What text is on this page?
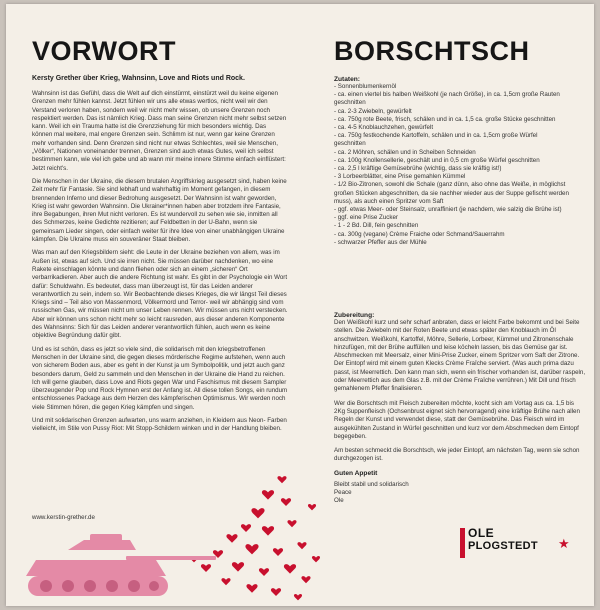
VORWORT
Kersty Grether über Krieg, Wahnsinn, Love and Riots und Rock.

Wahnsinn ist das Gefühl, dass die Welt auf dich einstürmt, einstürzt weil du keine eigenen Grenzen mehr fühlen kannst. Jetzt fühlen wir uns alle etwas wertlos, nicht weil wir den Verstand verloren haben, sondern weil wir nicht mehr wissen, ob unsere Grenzen noch respektiert werden. Das ist nämlich Krieg. Dass man seine Grenzen nicht mehr selbst setzen kann. Weil ich ein Trauma hatte ist die Grenzziehung für mich besonders wichtig. Das können mal weitere, mal engere Grenzen sein. Schlimm ist nur, wenn gar keine Grenzen mehr vorhanden sind. Denn Grenzen sind nicht nur etwas Schlechtes, weil sie Menschen, „Völker“, Nationen voneinander trennen, Grenzen sind auch etwas Gutes, weil ich selbst bestimmen kann, wie viel ich gebe und ab wann mir meine innere Stimme einfach einflüstert: Jetzt reicht's.

Die Menschen in der Ukraine, die diesem brutalen Angriffskrieg ausgesetzt sind, haben keine Zeit mehr für Fantasie. Sie sind lebhaft und wahrhaftig im Moment gefangen, in diesem brennenden Inferno und dieser Bedrohung ausgesetzt. Der Wahnsinn ist wahr geworden, Krieg ist wahr geworden Wahnsinn. Die Ukrainer*innen haben aber trotzdem ihre Fantasie, ihre Begabungen, ihren Mut nicht verloren. Es ist wundervoll zu sehen wie sie, inmitten all des Schmerzes, keine Gedichte rezitieren; auf Feldbetten in der U-Bahn, wenn sie gemeinsam Lieder singen, oder einfach weiter für ihre Idee von einer unabhängigen Ukraine kämpfen. Die Ukraine muss ein souveräner Staat bleiben.

Was man auf den Kriegsbildern sieht: die Leute in der Ukraine beziehen von allem, was im Außen ist, etwas auf sich. Und sie irren nicht. Sie müssen darüber nachdenken, wo eine Rakete einschlagen könnte und dann fliehen oder sich an einem „sicheren“ Ort verbarrikadieren. Aber auch die andere Richtung ist wahr. Es gibt in der Psychologie ein Wort dafür: Schuldwahn. Es bedeutet, dass man überzeugt ist, für das Leiden anderer verantwortlich zu sein, indem so. Wir Beobachtende dieses Krieges, die wir längst Teil dieses Kriegs sind – Teil also von Massenmord, Völkermord und Terror- weil wir abhängig sind vom russischen Gas, wir müssen nicht um unser Leben rennen. Wir müssen uns nicht verstecken. Aber wir können uns schon nicht mehr so leicht rausreden, aus dieser anderen Komponente des Wahnsinns: Sich für das Leiden anderer verantwortlich fühlen, auch wenn es keine objektive Begründung dafür gibt.

Und es ist schön, dass es jetzt so viele sind, die solidarisch mit den kriegsbetroffenen Menschen in der Ukraine sind, die gegen dieses mörderische Regime aufstehen, wenn auch von sicherem Boden aus, aber es geht in der Kunst ja um Symbolpolitik, und jetzt auch ganz besonders darum, Geld zu sammeln und den Menschen in der Ukraine die Hand zu reichen. Ich will gerne glauben, dass Love and Riots gegen War und Faschismus mit diesem Sampler überzeugender Pop und Rock Hymnen erst der Anfang ist. All diese tollen Songs, ein rundum entschlossenes Package aus dem Herzen des kämpferischen Optimismus. Wir werden noch viele Stimmen hören, die gegen Krieg kämpfen und singen.

Und mit solidarischen Grenzen aufwarten, uns warm anziehen, in Kleidern aus Neon- Farben vielleicht, im Stile von Pussy Riot: Mit Stopp-Schildern winken und in der Handlung bleiben.

www.kerstin-grether.de
BORSCHTSCH
Zutaten:
- Sonnenblumenkernöl
- ca. einen viertel bis halben Weißkohl (je nach Größe), in ca. 1,5cm große Rauten
geschnitten
- ca. 2-3 Zwiebeln, gewürfelt
- ca. 750g rote Beete, frisch, schälen und in ca. 1,5 ca. große Stücke geschnitten
- ca. 4-5 Knoblauchzehen, gewürfelt
- ca. 750g festkochende Kartoffeln, schälen und in ca. 1,5cm große Würfel
geschnitten
- ca. 2 Möhren, schälen und in Scheiben Schneiden
- ca. 100g Knollensellerie, geschält und in 0,5 cm große Würfel geschnitten
- ca. 2,5 l kräftige Gemüsebrühe (wichtig, dass sie kräftig ist!)
- 3 Lorbeerblätter, eine Prise gemahlen Kümmel
- 1/2 Bio-Zitronen, sowohl die Schale (ganz dünn, also ohne das Weiße, in möglichst
großen Stücken abgeschnitten, da sie nachher wieder aus der Suppe gefischt werden
muss), als auch einen Spritzer vom Saft
- ggf. etwas Meer- oder Steinsalz, unraffiniert (je nachdem, wie salzig die Brühe ist)
- ggf. eine Prise Zucker
- 1 - 2 Bd. Dill, fein geschnitten
- ca. 300g (vegane) Crème Fraiche oder Schmand/Sauerrahm
- schwarzer Pfeffer aus der Mühle
Zubereitung:

Den Weißkohl kurz und sehr scharf anbraten, dass er leicht Farbe bekommt und bei Seite stellen. Die Zwiebeln mit der Roten Beete und etwas später den Knoblauch im Öl anschwitzen. Weißkohl, Kartoffel, Möhre, Sellerie, Lorbeer, Kümmel und Zitronenschale hinzufügen, mit der Brühe auffüllen und leise köcheln lassen, bis das Gemüse gar ist. Abschmecken mit Meersalz, einer Mini-Prise Zucker, einem Spritzer vom Saft der Zitrone. Der Eintopf wird mit einem guten Klecks Crème Fraîche serviert. (Was auch prima dazu passt, ist Meerrettich. Den kann man sich, wenn ein frischer vorhanden ist, darüber raspeln, oder Meerrettich aus dem Glas z.B. mit der Crème Fraîche verrühren.) Mit Dill und frisch gemahlenem Pfeffer finalisieren.

Wer die Borschtsch mit Fleisch zubereiten möchte, kocht sich am Vortag aus ca. 1,5 bis 2Kg Suppenfleisch (Ochsenbrust eignet sich hervorragend) eine kräftige Brühe nach allen Regeln der Kunst und verwendet diese, statt der Gemüsebrühe. Das Fleisch wird im ausgekühlten Zustand in Würfel geschnitten und kurz vor dem Abschmecken dem Eintopf begegeben.

Am besten schmeckt die Borschtsch, wie jeder Eintopf, am nächsten Tag, wenn sie schon durchgezogen ist.

Guten Appetit

Bleibt stabil und solidarisch

Peace

Ole

OLE
PLOGSTEDT ★
